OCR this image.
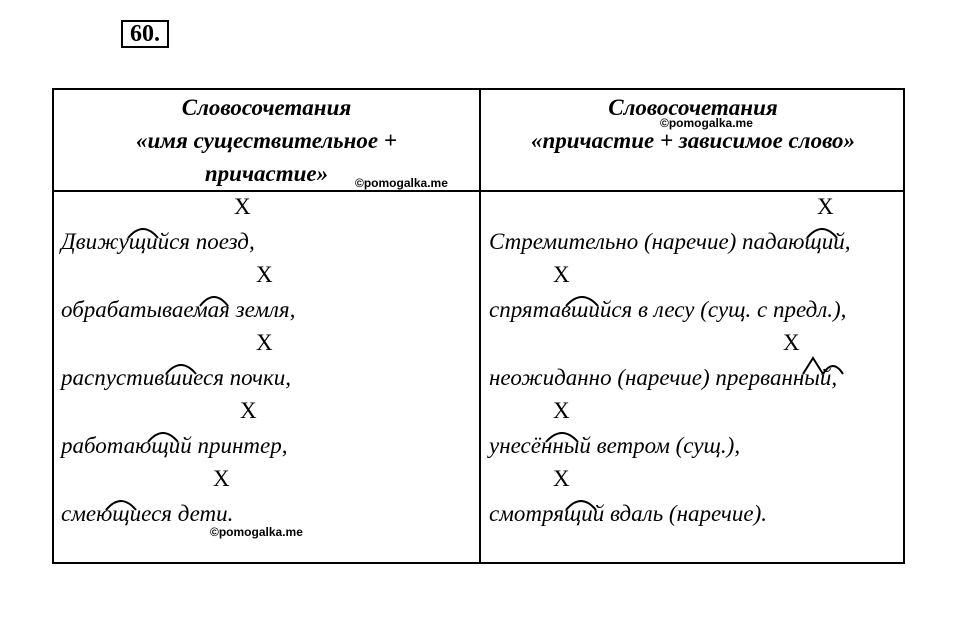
60.
Словосочетания
«имя существительное +
причастие»
Словосочетания
«причастие + зависимое слово»
©pomogalka.me
©pomogalka.me
©pomogalka.me
X
X
X
X
X
Движущийся поезд,
обрабатываемая земля,
распустившиеся почки,
работающий принтер,
смеющиеся дети.
X
X
X
X
X
Стремительно (наречие) падающий,
спрятавшийся в лесу (сущ. с предл.),
неожиданно (наречие) прерванный,
унесённый ветром (сущ.),
смотрящий вдаль (наречие).
